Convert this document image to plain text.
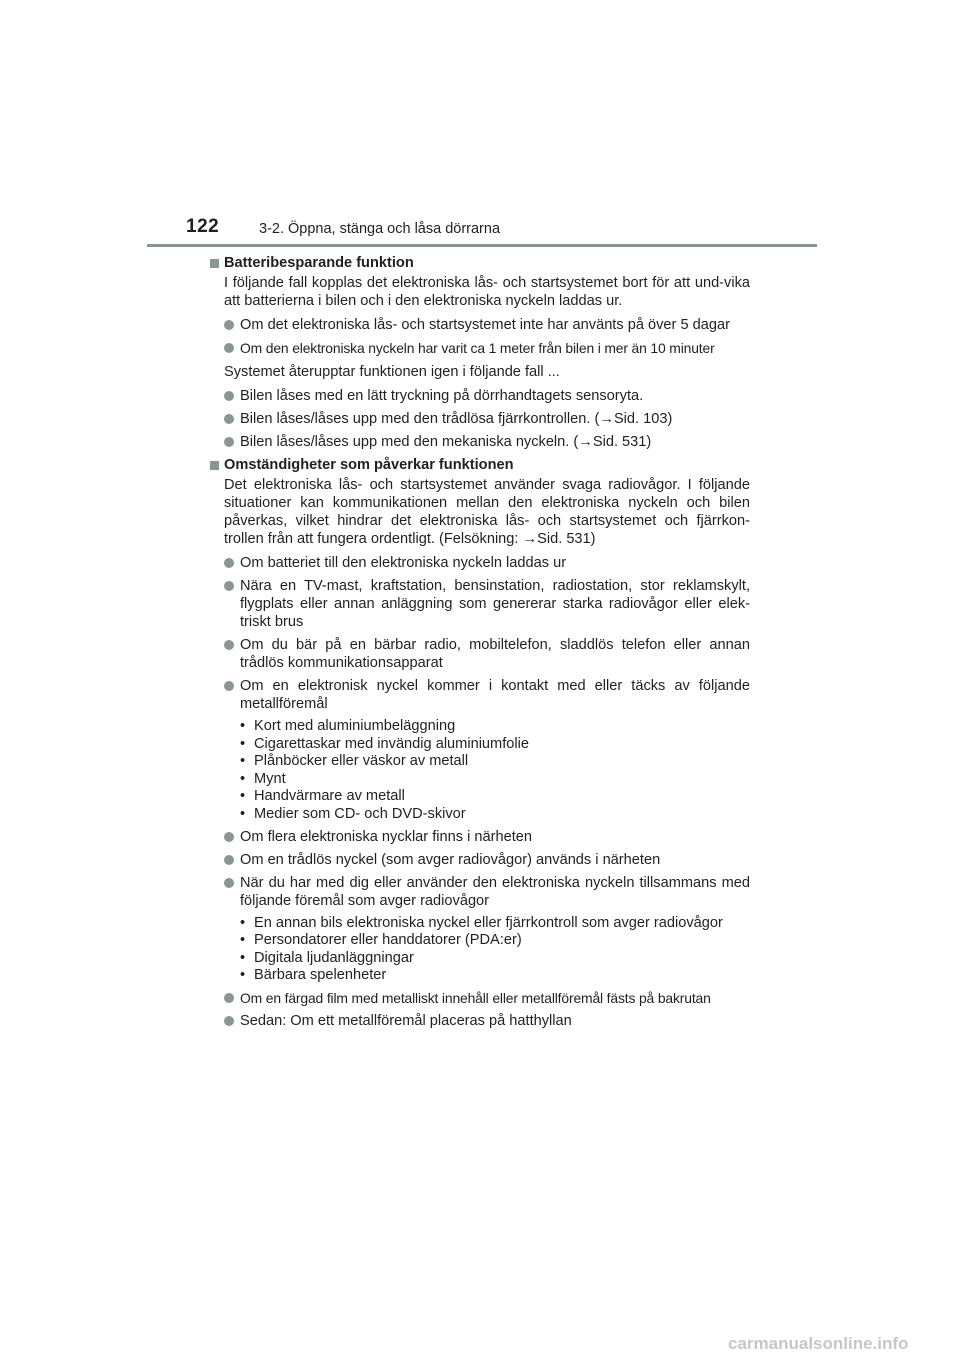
122	3-2. Öppna, stänga och låsa dörrarna
Batteribesparande funktion
I följande fall kopplas det elektroniska lås- och startsystemet bort för att und-vika att batterierna i bilen och i den elektroniska nyckeln laddas ur.
Om det elektroniska lås- och startsystemet inte har använts på över 5 dagar
Om den elektroniska nyckeln har varit ca 1 meter från bilen i mer än 10 minuter
Systemet återupptar funktionen igen i följande fall ...
Bilen låses med en lätt tryckning på dörrhandtagets sensoryta.
Bilen låses/låses upp med den trådlösa fjärrkontrollen. (→Sid. 103)
Bilen låses/låses upp med den mekaniska nyckeln. (→Sid. 531)
Omständigheter som påverkar funktionen
Det elektroniska lås- och startsystemet använder svaga radiovågor. I följande situationer kan kommunikationen mellan den elektroniska nyckeln och bilen påverkas, vilket hindrar det elektroniska lås- och startsystemet och fjärrkon-trollen från att fungera ordentligt. (Felsökning: →Sid. 531)
Om batteriet till den elektroniska nyckeln laddas ur
Nära en TV-mast, kraftstation, bensinstation, radiostation, stor reklamskylt, flygplats eller annan anläggning som genererar starka radiovågor eller elek-triskt brus
Om du bär på en bärbar radio, mobiltelefon, sladdlös telefon eller annan trådlös kommunikationsapparat
Om en elektronisk nyckel kommer i kontakt med eller täcks av följande metallföremål
• Kort med aluminiumbeläggning
• Cigarettaskar med invändig aluminiumfolie
• Plånböcker eller väskor av metall
• Mynt
• Handvärmare av metall
• Medier som CD- och DVD-skivor
Om flera elektroniska nycklar finns i närheten
Om en trådlös nyckel (som avger radiovågor) används i närheten
När du har med dig eller använder den elektroniska nyckeln tillsammans med följande föremål som avger radiovågor
• En annan bils elektroniska nyckel eller fjärrkontroll som avger radiovågor
• Persondatorer eller handdatorer (PDA:er)
• Digitala ljudanläggningar
• Bärbara spelenheter
Om en färgad film med metalliskt innehåll eller metallföremål fästs på bakrutan
Sedan: Om ett metallföremål placeras på hatthyllan
carmanualsonline.info
